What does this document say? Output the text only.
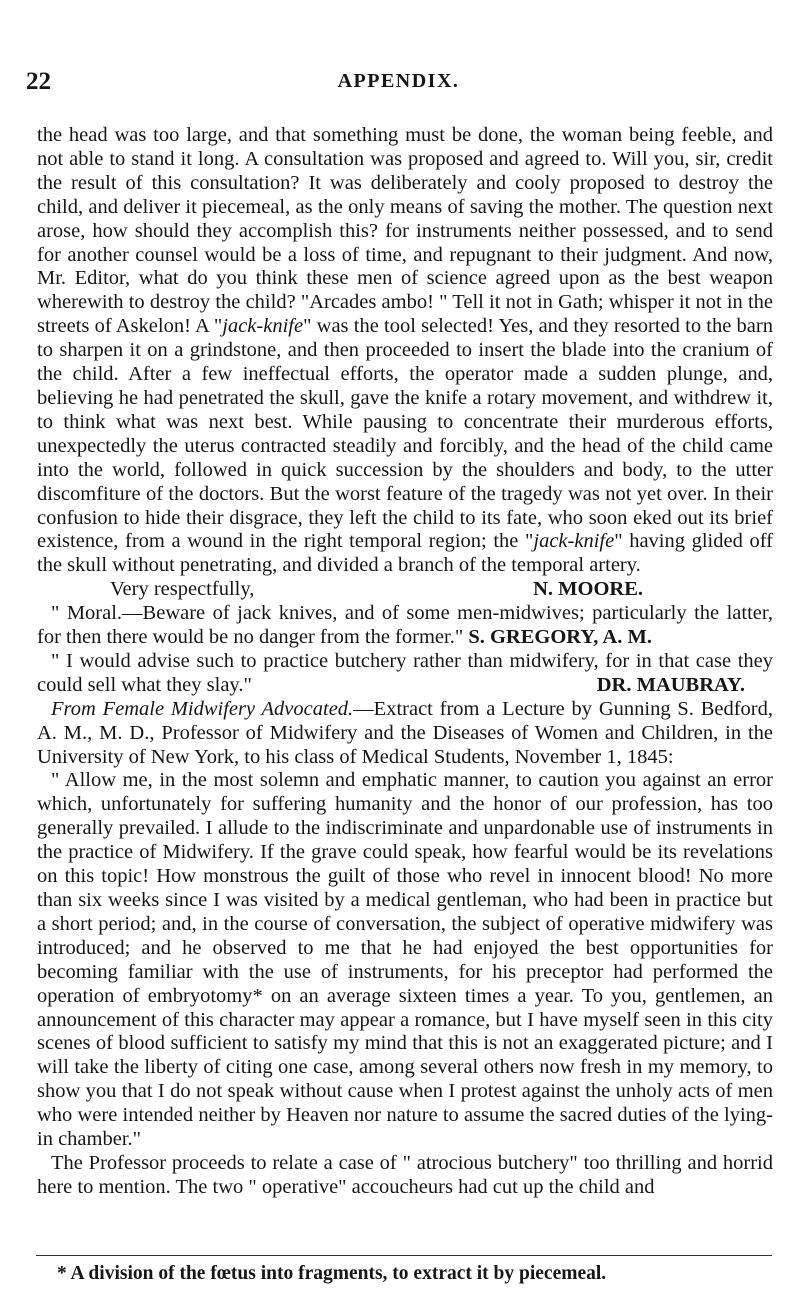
22	APPENDIX.

the head was too large, and that something must be done, the woman being feeble, and not able to stand it long. A consultation was proposed and agreed to. Will you, sir, credit the result of this consultation? It was deliberately and cooly proposed to destroy the child, and deliver it piecemeal, as the only means of saving the mother. The question next arose, how should they accomplish this? for instruments neither possessed, and to send for another counsel would be a loss of time, and repugnant to their judgment. And now, Mr. Editor, what do you think these men of science agreed upon as the best weapon wherewith to destroy the child? "Arcades ambo! " Tell it not in Gath; whisper it not in the streets of Askelon! A "jack-knife" was the tool selected! Yes, and they resorted to the barn to sharpen it on a grindstone, and then proceeded to insert the blade into the cranium of the child. After a few ineffectual efforts, the operator made a sudden plunge, and, believing he had penetrated the skull, gave the knife a rotary movement, and withdrew it, to think what was next best. While pausing to concentrate their murderous efforts, unexpectedly the uterus contracted steadily and forcibly, and the head of the child came into the world, followed in quick succession by the shoulders and body, to the utter discomfiture of the doctors. But the worst feature of the tragedy was not yet over. In their confusion to hide their disgrace, they left the child to its fate, who soon eked out its brief existence, from a wound in the right temporal region; the "jack-knife" having glided off the skull without penetrating, and divided a branch of the temporal artery.

Very respectfully,	N. MOORE.

" Moral.—Beware of jack knives, and of some men-midwives; particularly the latter, for then there would be no danger from the former." S. GREGORY, A. M.

" I would advise such to practice butchery rather than midwifery, for in that case they could sell what they slay."	DR. MAUBRAY.

From Female Midwifery Advocated.—Extract from a Lecture by Gunning S. Bedford, A. M., M. D., Professor of Midwifery and the Diseases of Women and Children, in the University of New York, to his class of Medical Students, November 1, 1845:

" Allow me, in the most solemn and emphatic manner, to caution you against an error which, unfortunately for suffering humanity and the honor of our profession, has too generally prevailed. I allude to the indiscriminate and unpardonable use of instruments in the practice of Midwifery. If the grave could speak, how fearful would be its revelations on this topic! How monstrous the guilt of those who revel in innocent blood! No more than six weeks since I was visited by a medical gentleman, who had been in practice but a short period; and, in the course of conversation, the subject of operative midwifery was introduced; and he observed to me that he had enjoyed the best opportunities for becoming familiar with the use of instruments, for his preceptor had performed the operation of embryotomy* on an average sixteen times a year. To you, gentlemen, an announcement of this character may appear a romance, but I have myself seen in this city scenes of blood sufficient to satisfy my mind that this is not an exaggerated picture; and I will take the liberty of citing one case, among several others now fresh in my memory, to show you that I do not speak without cause when I protest against the unholy acts of men who were intended neither by Heaven nor nature to assume the sacred duties of the lying-in chamber."

The Professor proceeds to relate a case of " atrocious butchery" too thrilling and horrid here to mention. The two " operative" accoucheurs had cut up the child and

* A division of the fœtus into fragments, to extract it by piecemeal.
